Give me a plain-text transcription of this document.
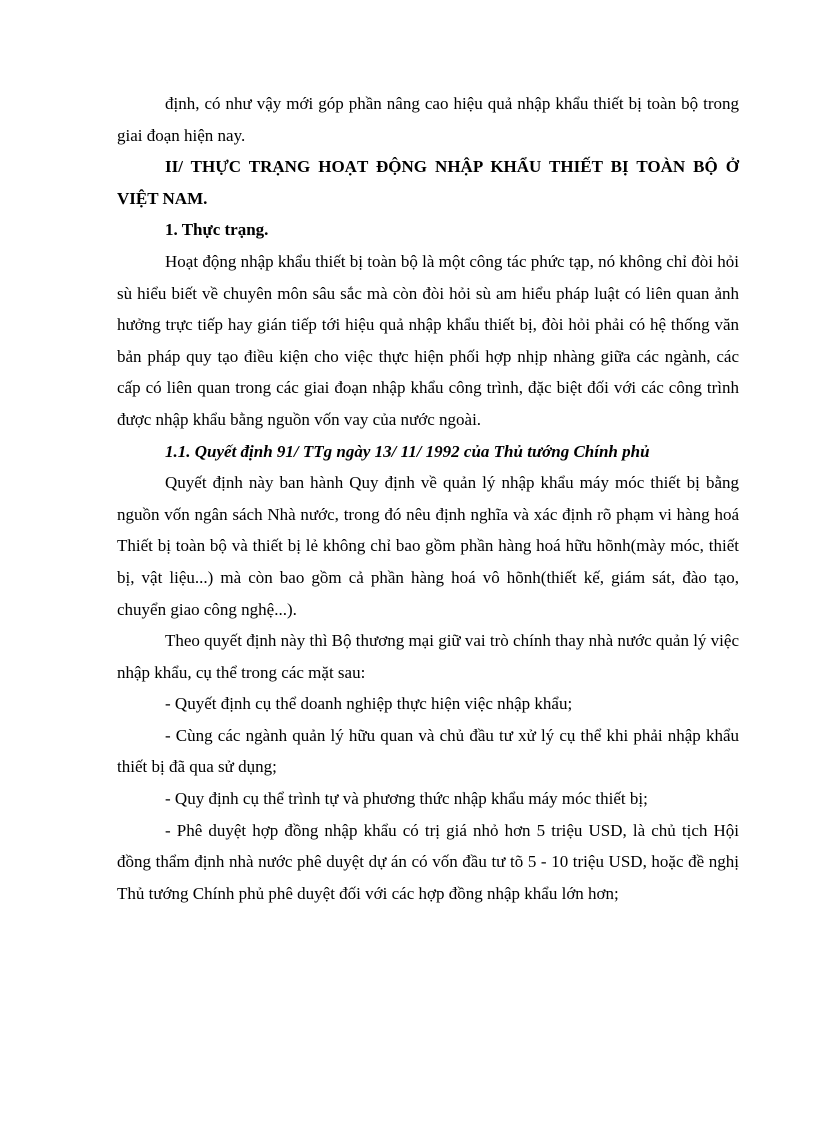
định, có như vậy mới góp phần nâng cao hiệu quả nhập khẩu thiết bị toàn bộ trong giai đoạn hiện nay.

II/ THỰC TRẠNG HOẠT ĐỘNG NHẬP KHẨU THIẾT BỊ TOÀN BỘ Ở VIỆT NAM.

1. Thực trạng.

Hoạt động nhập khẩu thiết bị toàn bộ là một công tác phức tạp, nó không chỉ đòi hỏi sù hiểu biết về chuyên môn sâu sắc mà còn đòi hỏi sù am hiểu pháp luật có liên quan ảnh hưởng trực tiếp hay gián tiếp tới hiệu quả nhập khẩu thiết bị, đòi hỏi phải có hệ thống văn bản pháp quy tạo điều kiện cho việc thực hiện phối hợp nhịp nhàng giữa các ngành, các cấp có liên quan trong các giai đoạn nhập khẩu công trình, đặc biệt đối với các công trình được nhập khẩu bằng nguồn vốn vay của nước ngoài.

1.1. Quyết định 91/ TTg ngày 13/ 11/ 1992 của Thủ tướng Chính phủ

Quyết định này ban hành Quy định về quản lý nhập khẩu máy móc thiết bị bằng nguồn vốn ngân sách Nhà nước, trong đó nêu định nghĩa và xác định rõ phạm vi hàng hoá Thiết bị toàn bộ và thiết bị lẻ không chỉ bao gồm phần hàng hoá hữu hõnh(mày móc, thiết bị, vật liệu...) mà còn bao gồm cả phần hàng hoá vô hõnh(thiết kế, giám sát, đào tạo, chuyển giao công nghệ...).

Theo quyết định này thì Bộ thương mại giữ vai trò chính thay nhà nước quản lý việc nhập khẩu, cụ thể trong các mặt sau:

- Quyết định cụ thể doanh nghiệp thực hiện việc nhập khẩu;

- Cùng các ngành quản lý hữu quan và chủ đầu tư xử lý cụ thể khi phải nhập khẩu thiết bị đã qua sử dụng;

- Quy định cụ thể trình tự và phương thức nhập khẩu máy móc thiết bị;

- Phê duyệt hợp đồng nhập khẩu có trị giá nhỏ hơn 5 triệu USD, là chủ tịch Hội đồng thẩm định nhà nước phê duyệt dự án có vốn đầu tư tõ 5 - 10 triệu USD, hoặc đề nghị Thủ tướng Chính phủ phê duyệt đối với các hợp đồng nhập khẩu lớn hơn;
